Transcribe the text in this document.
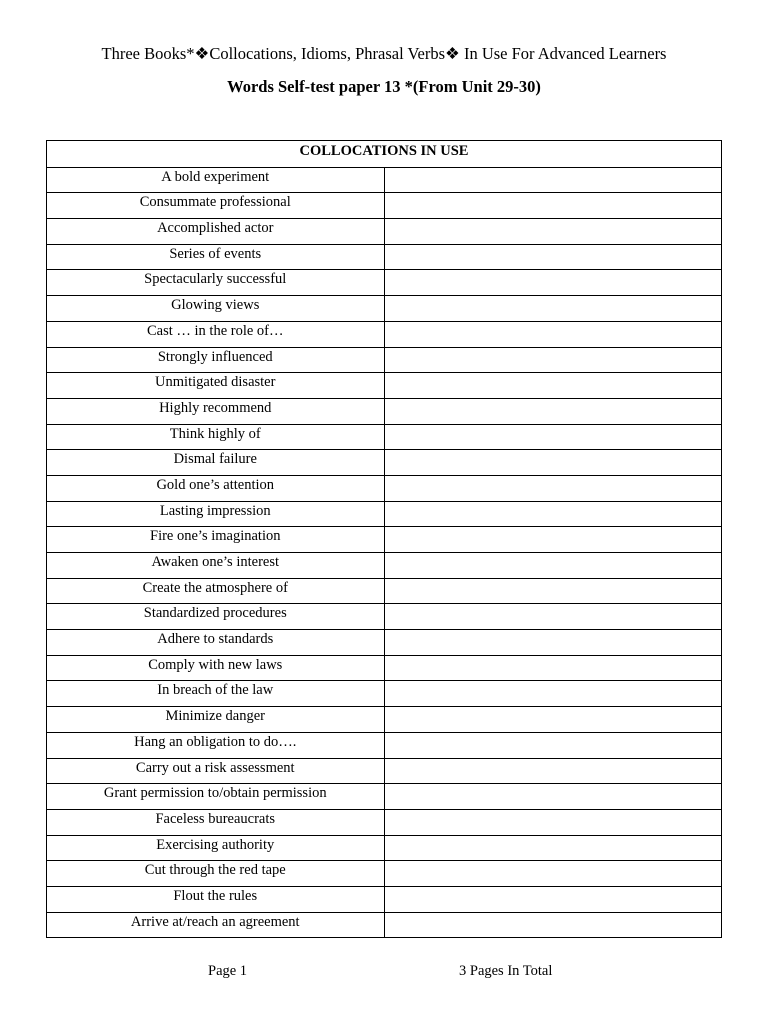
Three Books*❖Collocations, Idioms, Phrasal Verbs❖ In Use For Advanced Learners
Words Self-test paper 13 *(From Unit 29-30)
COLLOCATIONS IN USE	
A bold experiment	
Consummate professional	
Accomplished actor	
Series of events	
Spectacularly successful	
Glowing views	
Cast … in the role of…	
Strongly influenced	
Unmitigated disaster	
Highly recommend	
Think highly of	
Dismal failure	
Gold one’s attention	
Lasting impression	
Fire one’s imagination	
Awaken one’s interest	
Create the atmosphere of	
Standardized procedures	
Adhere to standards	
Comply with new laws	
In breach of the law	
Minimize danger	
Hang an obligation to do….	
Carry out a risk assessment	
Grant permission to/obtain permission	
Faceless bureaucrats	
Exercising authority	
Cut through the red tape	
Flout the rules	
Arrive at/reach an agreement	
Page 1	3 Pages In Total
